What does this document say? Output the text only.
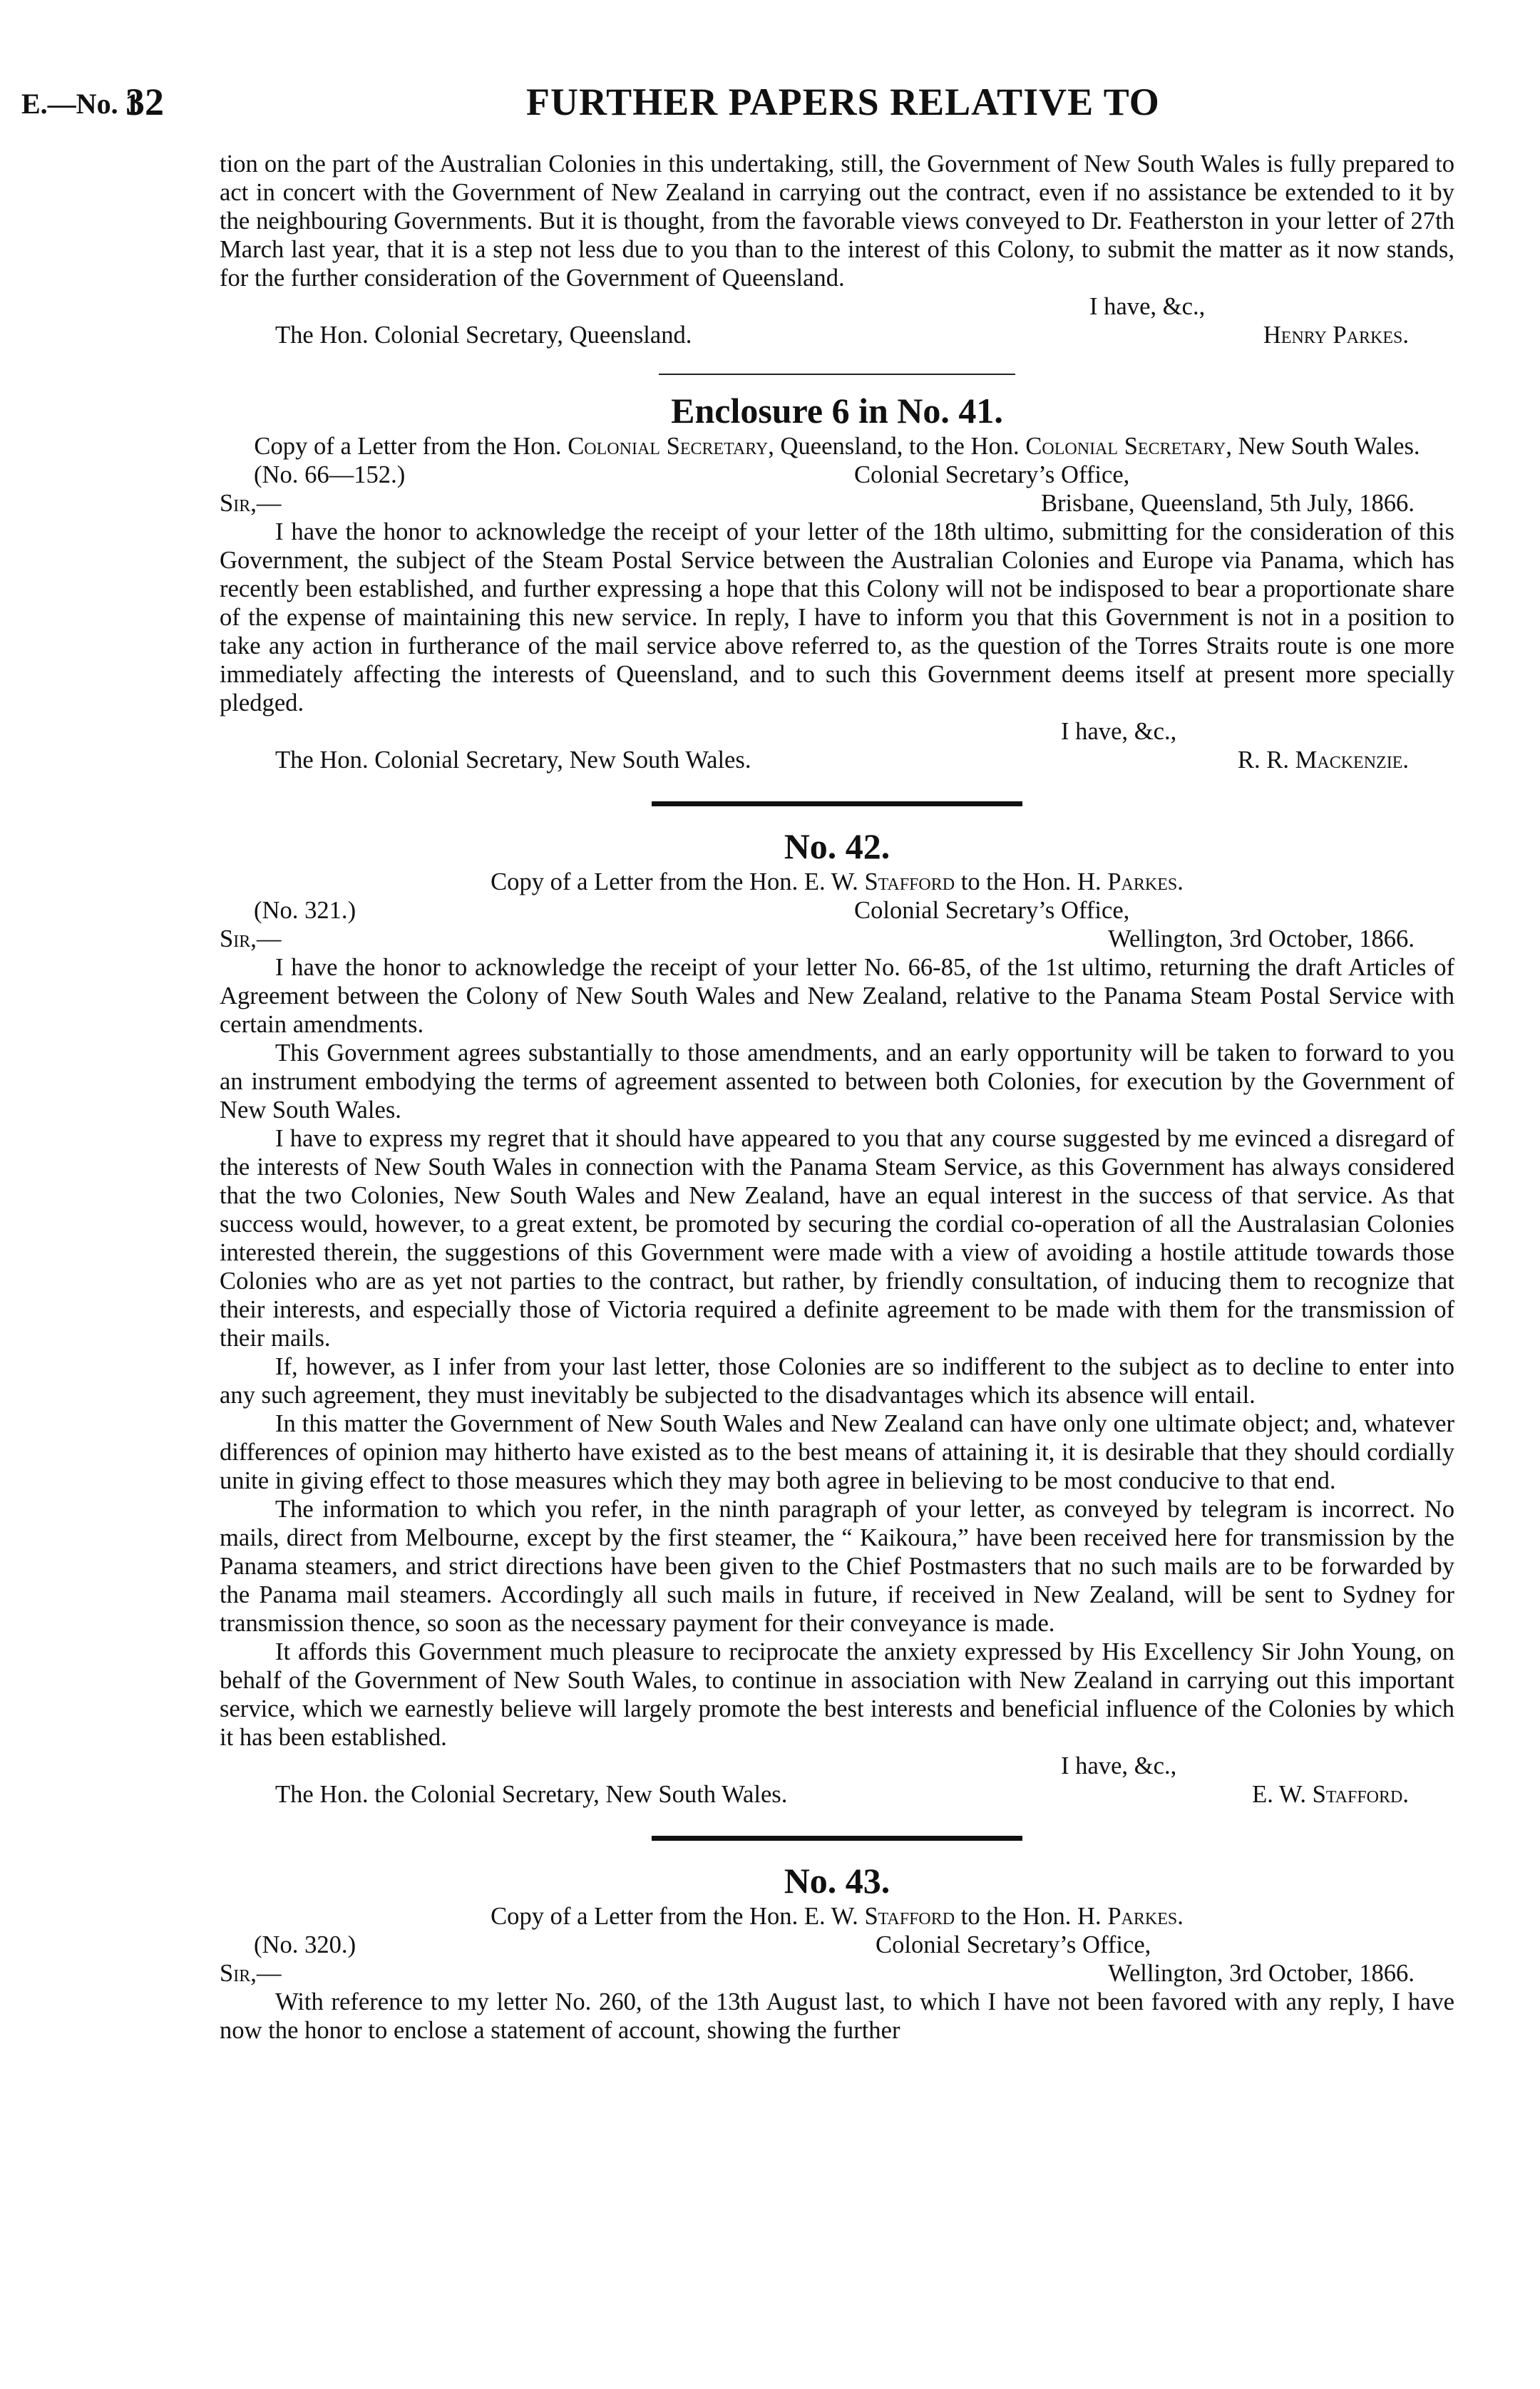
E.—No. 1
32	FURTHER PAPERS RELATIVE TO

tion on the part of the Australian Colonies in this undertaking, still, the Government of New South Wales is fully prepared to act in concert with the Government of New Zealand in carrying out the contract, even if no assistance be extended to it by the neighbouring Governments. But it is thought, from the favorable views conveyed to Dr. Featherston in your letter of 27th March last year, that it is a step not less due to you than to the interest of this Colony, to submit the matter as it now stands, for the further consideration of the Government of Queensland.

I have, &c.,
The Hon. Colonial Secretary, Queensland.	Henry Parkes.
Enclosure 6 in No. 41.

Copy of a Letter from the Hon. Colonial Secretary, Queensland, to the Hon. Colonial Secretary, New South Wales.

(No. 66—152.)	Colonial Secretary’s Office,
Sir,—	Brisbane, Queensland, 5th July, 1866.

I have the honor to acknowledge the receipt of your letter of the 18th ultimo, submitting for the consideration of this Government, the subject of the Steam Postal Service between the Australian Colonies and Europe via Panama, which has recently been established, and further expressing a hope that this Colony will not be indisposed to bear a proportionate share of the expense of maintaining this new service. In reply, I have to inform you that this Government is not in a position to take any action in furtherance of the mail service above referred to, as the question of the Torres Straits route is one more immediately affecting the interests of Queensland, and to such this Government deems itself at present more specially pledged.

I have, &c.,
The Hon. Colonial Secretary, New South Wales.	R. R. Mackenzie.
No. 42.

Copy of a Letter from the Hon. E. W. Stafford to the Hon. H. Parkes.

(No. 321.)	Colonial Secretary’s Office,
Sir,—	Wellington, 3rd October, 1866.

I have the honor to acknowledge the receipt of your letter No. 66-85, of the 1st ultimo, returning the draft Articles of Agreement between the Colony of New South Wales and New Zealand, relative to the Panama Steam Postal Service with certain amendments.

This Government agrees substantially to those amendments, and an early opportunity will be taken to forward to you an instrument embodying the terms of agreement assented to between both Colonies, for execution by the Government of New South Wales.

I have to express my regret that it should have appeared to you that any course suggested by me evinced a disregard of the interests of New South Wales in connection with the Panama Steam Service, as this Government has always considered that the two Colonies, New South Wales and New Zealand, have an equal interest in the success of that service. As that success would, however, to a great extent, be promoted by securing the cordial co-operation of all the Australasian Colonies interested therein, the suggestions of this Government were made with a view of avoiding a hostile attitude towards those Colonies who are as yet not parties to the contract, but rather, by friendly consultation, of inducing them to recognize that their interests, and especially those of Victoria required a definite agreement to be made with them for the transmission of their mails.

If, however, as I infer from your last letter, those Colonies are so indifferent to the subject as to decline to enter into any such agreement, they must inevitably be subjected to the disadvantages which its absence will entail.

In this matter the Government of New South Wales and New Zealand can have only one ultimate object; and, whatever differences of opinion may hitherto have existed as to the best means of attaining it, it is desirable that they should cordially unite in giving effect to those measures which they may both agree in believing to be most conducive to that end.

The information to which you refer, in the ninth paragraph of your letter, as conveyed by telegram is incorrect. No mails, direct from Melbourne, except by the first steamer, the “ Kaikoura,” have been received here for transmission by the Panama steamers, and strict directions have been given to the Chief Postmasters that no such mails are to be forwarded by the Panama mail steamers. Accordingly all such mails in future, if received in New Zealand, will be sent to Sydney for transmission thence, so soon as the necessary payment for their conveyance is made.

It affords this Government much pleasure to reciprocate the anxiety expressed by His Excellency Sir John Young, on behalf of the Government of New South Wales, to continue in association with New Zealand in carrying out this important service, which we earnestly believe will largely promote the best interests and beneficial influence of the Colonies by which it has been established.

I have, &c.,
The Hon. the Colonial Secretary, New South Wales.	E. W. Stafford.
No. 43.

Copy of a Letter from the Hon. E. W. Stafford to the Hon. H. Parkes.

(No. 320.)	Colonial Secretary’s Office,
Sir,—	Wellington, 3rd October, 1866.

With reference to my letter No. 260, of the 13th August last, to which I have not been favored with any reply, I have now the honor to enclose a statement of account, showing the further
